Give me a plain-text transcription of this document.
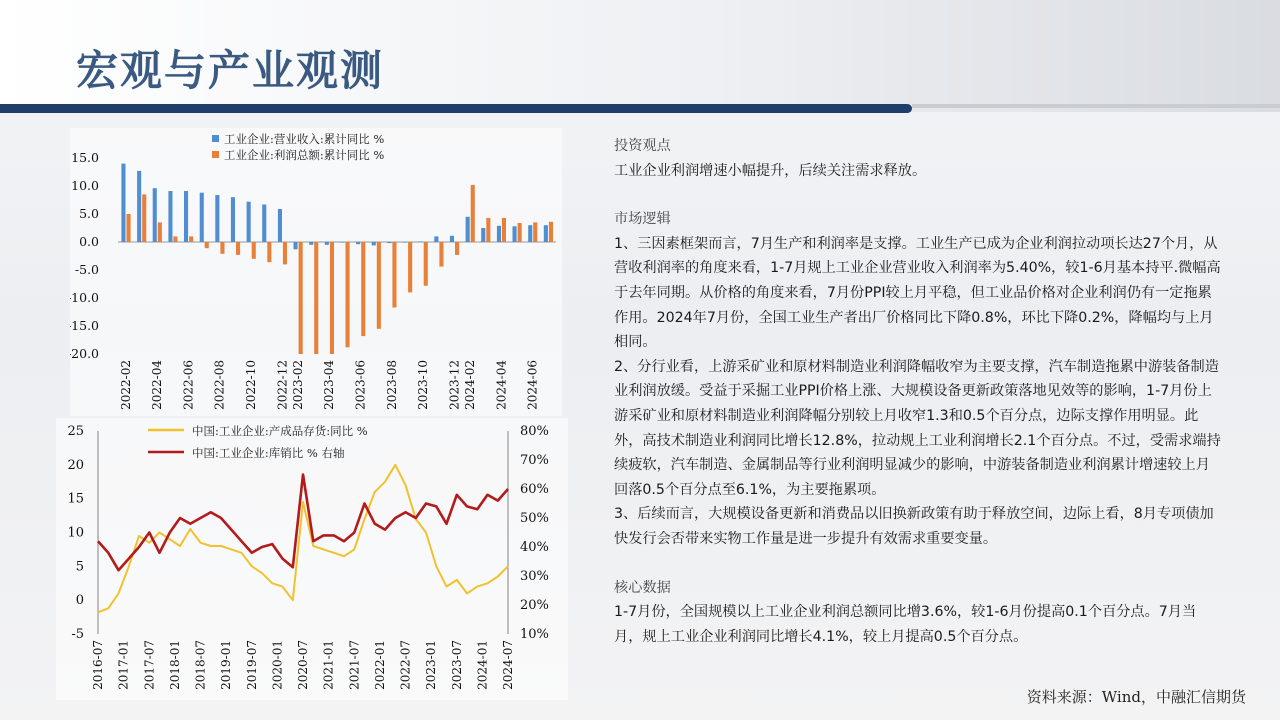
宏观与产业观测
15.0
10.0
5.0
0.0
-5.0
-10.0
-15.0
-20.0
2022-02 2022-04 2022-06 2022-08 2022-10 2022-12 2023-02 2023-04 2023-06 2023-08 2023-10 2023-12 2024-02 2024-04 2024-06
工业企业:营业收入:累计同比 %
工业企业:利润总额:累计同比 %
25
20
15
10
5
0
-5
80%
70%
60%
50%
40%
30%
20%
10%
2016-07 2017-01 2017-07 2018-01 2018-07 2019-01 2019-07 2020-01 2020-07 2021-01 2021-07 2022-01 2022-07 2023-01 2023-07 2024-01 2024-07
中国:工业企业:产成品存货:同比 %
中国:工业企业:库销比 % 右轴

投资观点

工业企业利润增速小幅提升，后续关注需求释放。

市场逻辑

1、三因素框架而言，7月生产和利润率是支撑。工业生产已成为企业利润拉动项长达27个月，从营收利润率的角度来看，1-7月规上工业企业营业收入利润率为5.40%，较1-6月基本持平.微幅高于去年同期。从价格的角度来看，7月份PPI较上月平稳，但工业品价格对企业利润仍有一定拖累作用。2024年7月份，全国工业生产者出厂价格同比下降0.8%，环比下降0.2%，降幅均与上月相同。

2、分行业看，上游采矿业和原材料制造业利润降幅收窄为主要支撑，汽车制造拖累中游装备制造业利润放缓。受益于采掘工业PPI价格上涨、大规模设备更新政策落地见效等的影响，1-7月份上游采矿业和原材料制造业利润降幅分别较上月收窄1.3和0.5个百分点，边际支撑作用明显。此外，高技术制造业利润同比增长12.8%，拉动规上工业利润增长2.1个百分点。不过，受需求端持续疲软，汽车制造、金属制品等行业利润明显减少的影响，中游装备制造业利润累计增速较上月回落0.5个百分点至6.1%，为主要拖累项。

3、后续而言，大规模设备更新和消费品以旧换新政策有助于释放空间，边际上看，8月专项债加快发行会否带来实物工作量是进一步提升有效需求重要变量。

核心数据

1-7月份，全国规模以上工业企业利润总额同比增3.6%，较1-6月份提高0.1个百分点。7月当月，规上工业企业利润同比增长4.1%，较上月提高0.5个百分点。

资料来源：Wind，中融汇信期货
